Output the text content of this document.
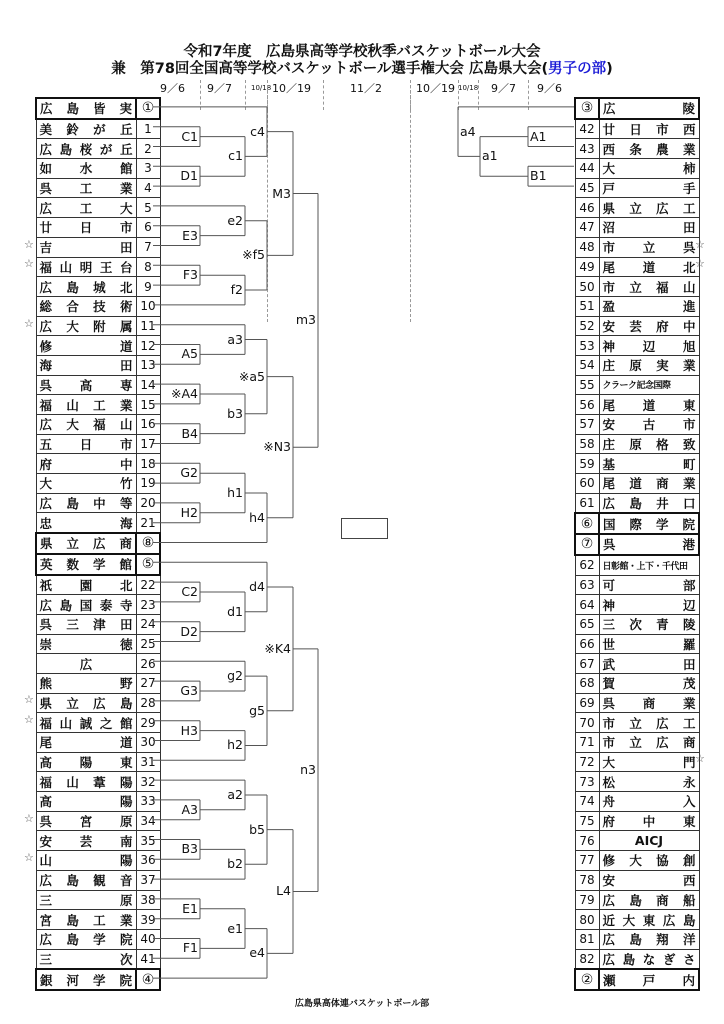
令和7年度　広島県高等学校秋季バスケットボール大会
兼　第78回全国高等学校バスケットボール選手権大会 広島県大会(男子の部)
9／6 9／7	10/18 10／19	11／2	10／19 10/18 9／7 9／6
広 島 皆 実	①

美 鈴 が 丘	1

広 島 桜 が 丘	2

如 水 館	3

呉 工 業	4

広 工 大	5

廿 日 市	6

吉 田	7

福 山 明 王 台	8

広 島 城 北	9

総 合 技 術	10

広 大 附 属	11

修 道	12

海 田	13

呉 高 専	14

福 山 工 業	15

広 大 福 山	16

五 日 市	17

府 中	18

大 竹	19

広 島 中 等	20

忠 海	21

県 立 広 商	⑧

英 数 学 館	⑤

祇 園 北	22

広 島 国 泰 寺	23

呉 三 津 田	24

崇 徳	25

広	26

熊 野	27

県 立 広 島	28

福 山 誠 之 館	29

尾 道	30

高 陽 東	31

福 山 葦 陽	32

高 陽	33

呉 宮 原	34

安 芸 南	35

山 陽	36

広 島 観 音	37

三 原	38

宮 島 工 業	39

広 島 学 院	40

三 次	41

銀 河 学 院	④
③	広 陵

42	廿 日 市 西

43	西 条 農 業

44	大 柿

45	戸 手

46	県 立 広 工

47	沼 田

48	市 立 呉

49	尾 道 北

50	市 立 福 山

51	盈 進

52	安 芸 府 中

53	神 辺 旭

54	庄 原 実 業

55	クラーク記念国際

56	尾 道 東

57	安 古 市

58	庄 原 格 致

59	基 町

60	尾 道 商 業

61	広 島 井 口

⑥	国 際 学 院

⑦	呉 港

62	日彰館・上下・千代田

63	可 部

64	神 辺

65	三 次 青 陵

66	世 羅

67	武 田

68	賀 茂

69	呉 商 業

70	市 立 広 工

71	市 立 広 商

72	大 門

73	松 永

74	舟 入

75	府 中 東

76	AICJ

77	修 大 協 創

78	安 西

79	広 島 商 船

80	近 大 東 広 島

81	広 島 翔 洋

82	広 島 な ぎ さ

②	瀬 戸 内
C1
D1
c1
c4
E3
e2
F3
f2
※f5
M3
A5
a3
※A4
B4
b3
※a5
G2
H2
h1
h4
※N3
m3
C2
D2
d1
d4
G3
g2
H3
h2
g5
※K4
A3
a2
B3
b2
b5
E1
F1
e1
e4
L4
n3
A1
B1
a1
a4
広島県高体連バスケットボール部
☆
☆
☆
☆
☆
☆
☆
☆
☆
☆
